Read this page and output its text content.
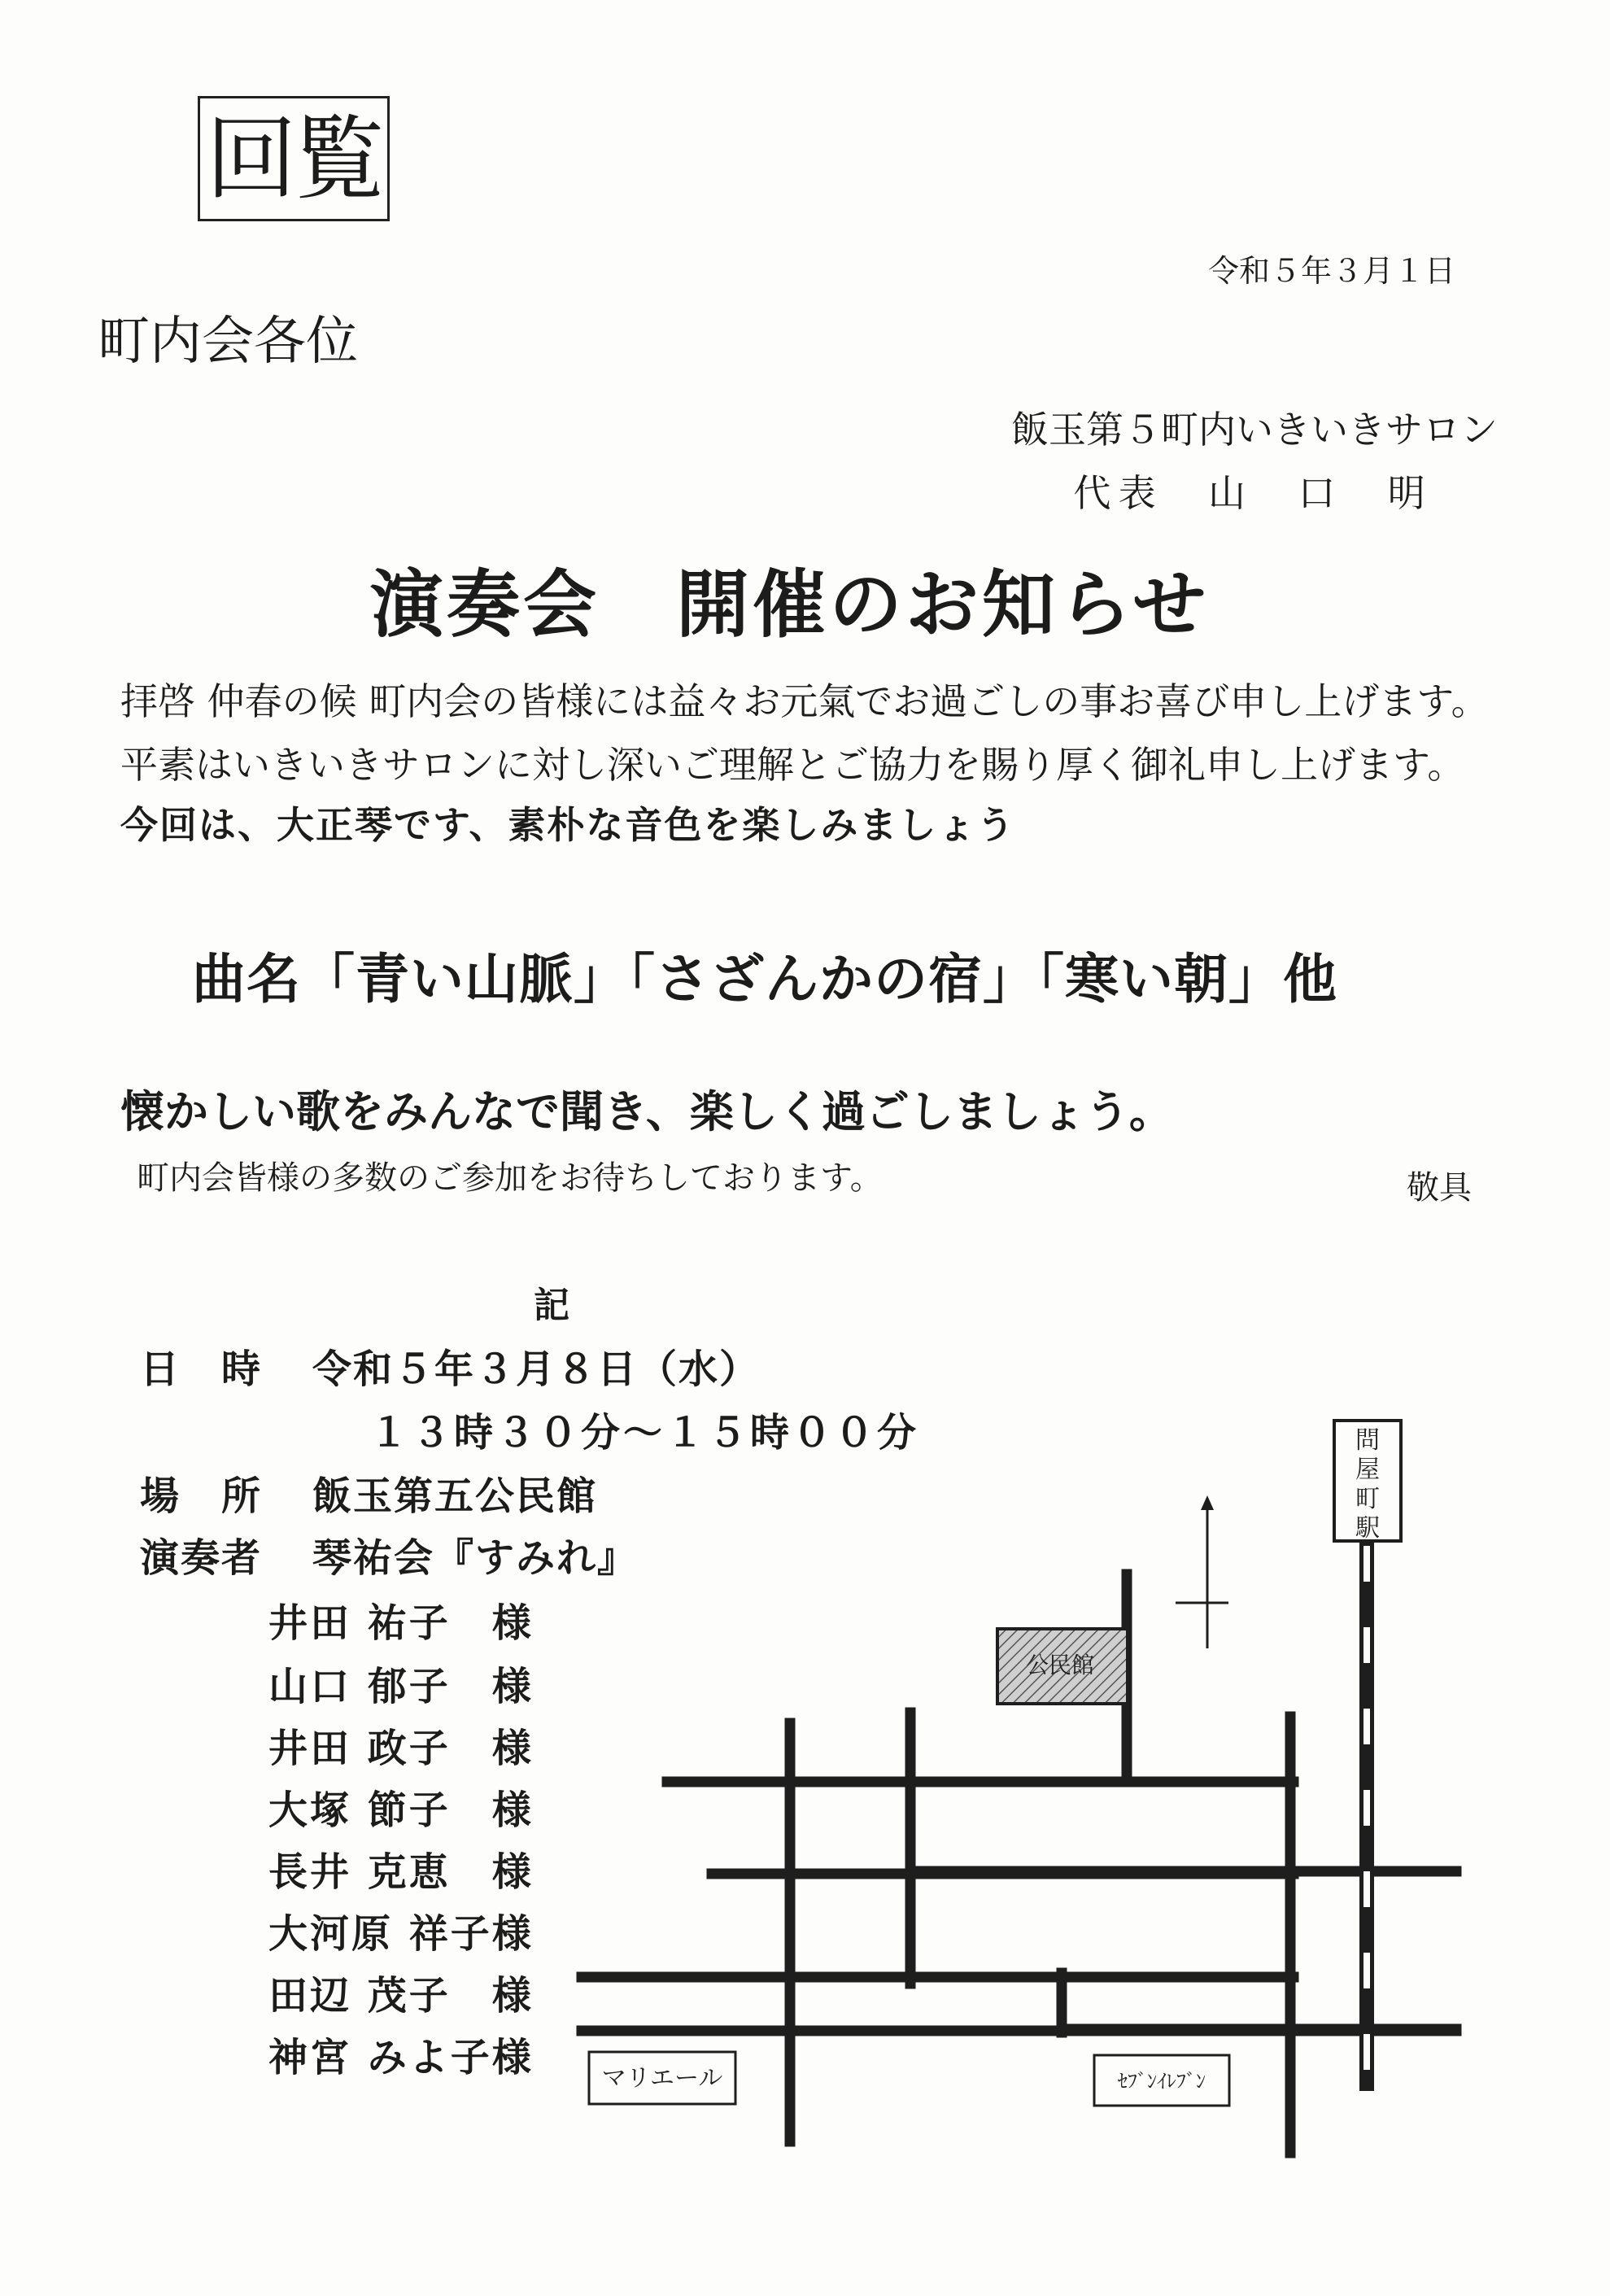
回覧
令和５年３月１日
町内会各位
飯玉第５町内いきいきサロン
代表　山　口　明
演奏会　開催のお知らせ
拝啓 仲春の候 町内会の皆様には益々お元氣でお過ごしの事お喜び申し上げます。
平素はいきいきサロンに対し深いご理解とご協力を賜り厚く御礼申し上げます。
今回は、大正琴です、素朴な音色を楽しみましょう
曲名「青い山脈」「さざんかの宿」「寒い朝」他
懐かしい歌をみんなで聞き、楽しく過ごしましょう。
町内会皆様の多数のご参加をお待ちしております。	敬具
記
日　時 令和５年３月８日（水）
１３時３０分～１５時００分
場　所 飯玉第五公民館
演奏者 琴祐会『すみれ』
井田 祐子　様
山口 郁子　様
井田 政子　様
大塚 節子　様
長井 克恵　様
大河原 祥子様
田辺 茂子　様
神宮 みよ子様
問
屋
町
駅
公民館
マリエール	ｾﾌﾞﾝｲﾚﾌﾞﾝ
